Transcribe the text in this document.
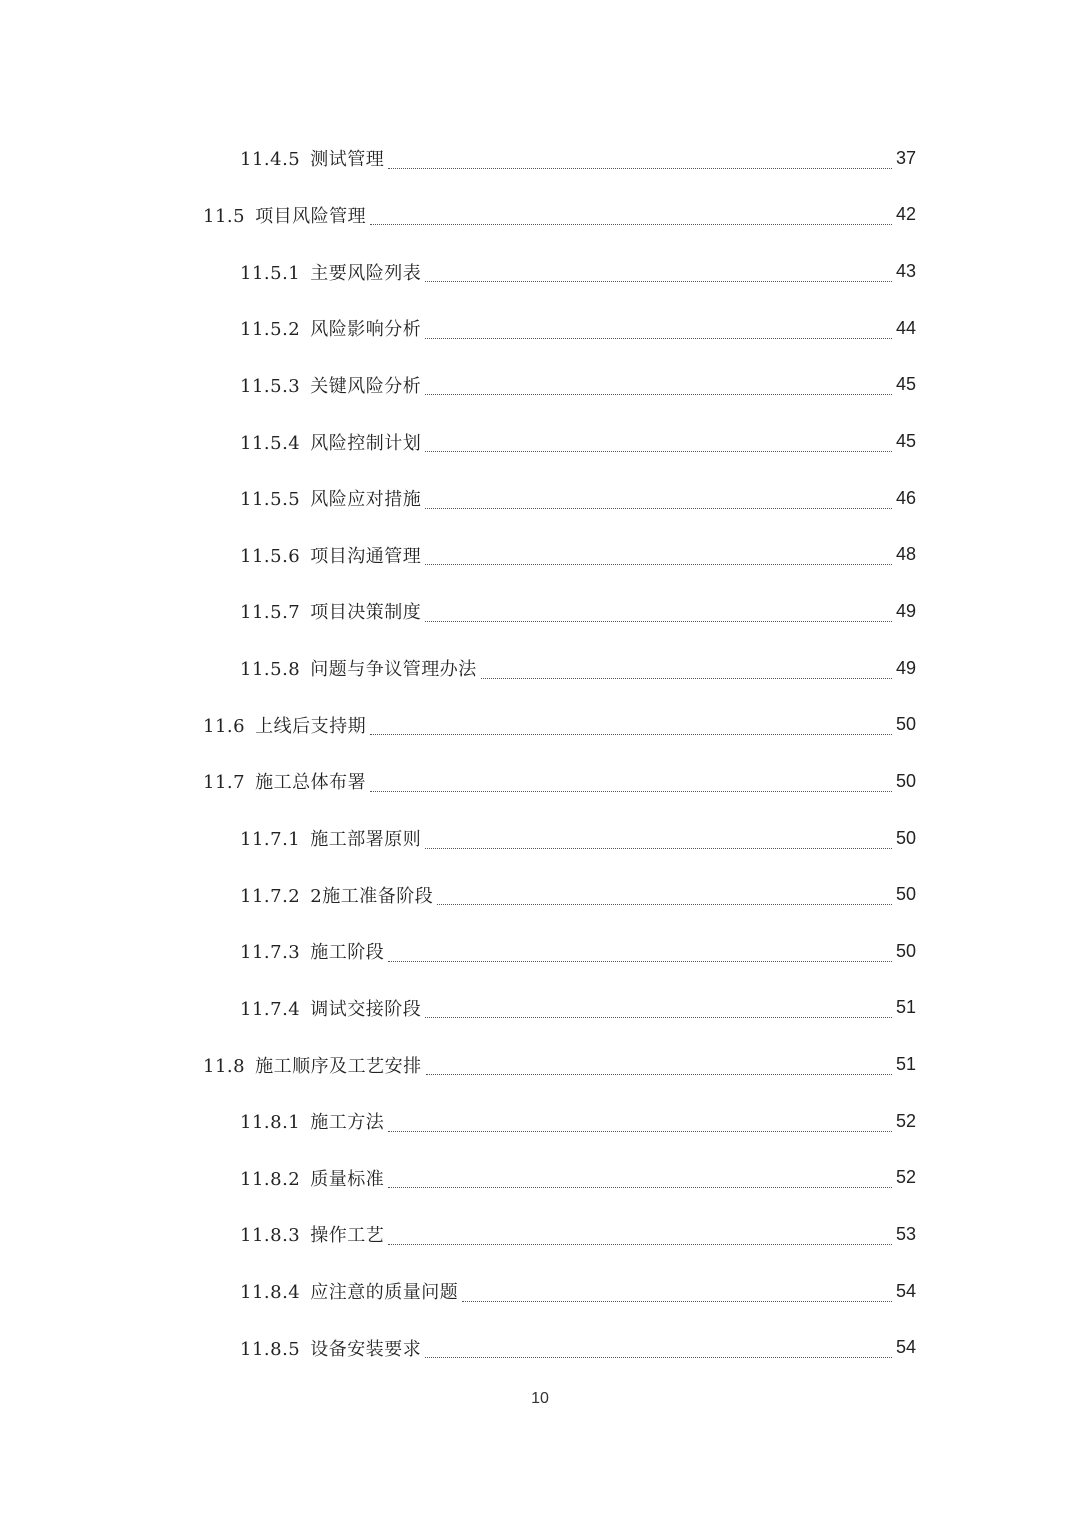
11.4.5 测试管理	37
11.5 项目风险管理	42
11.5.1 主要风险列表	43
11.5.2 风险影响分析	44
11.5.3 关键风险分析	45
11.5.4 风险控制计划	45
11.5.5 风险应对措施	46
11.5.6 项目沟通管理	48
11.5.7 项目决策制度	49
11.5.8 问题与争议管理办法	49
11.6 上线后支持期	50
11.7 施工总体布署	50
11.7.1 施工部署原则	50
11.7.2 2施工准备阶段	50
11.7.3 施工阶段	50
11.7.4 调试交接阶段	51
11.8 施工顺序及工艺安排	51
11.8.1 施工方法	52
11.8.2 质量标准	52
11.8.3 操作工艺	53
11.8.4 应注意的质量问题	54
11.8.5 设备安装要求	54
10
